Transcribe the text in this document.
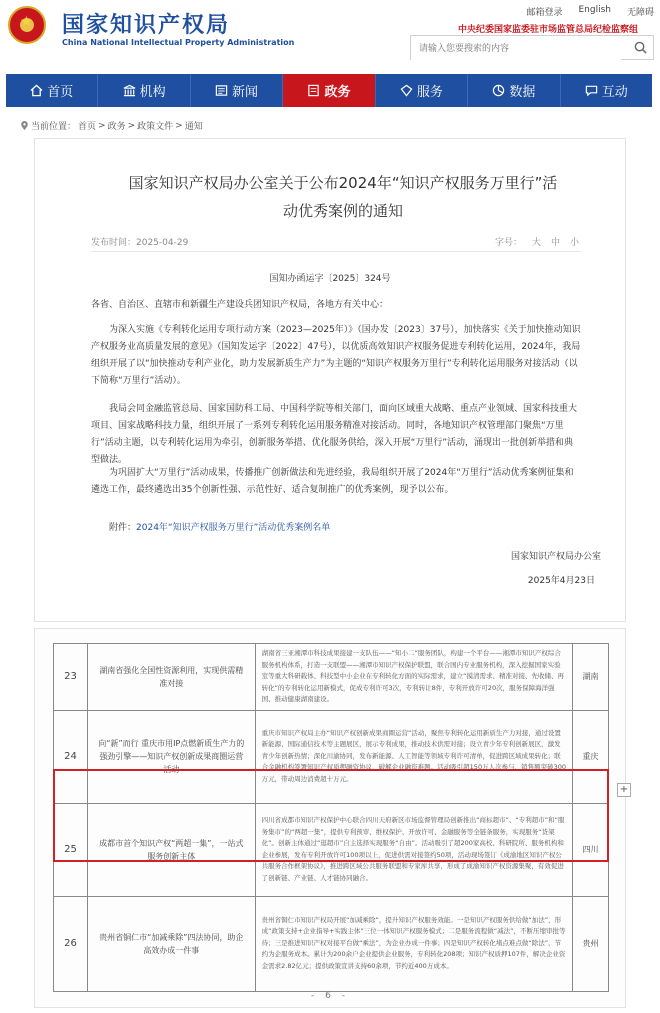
★
国家知识产权局
China National Intellectual Property Administration
邮箱登录 English 无障碍
中央纪委国家监委驻市场监管总局纪检监察组
请输入您要搜索的内容
首页	机构	新闻	政务	服务	数据	互动
当前位置： 首页 > 政务 > 政策文件 > 通知
国家知识产权局办公室关于公布2024年“知识产权服务万里行”活动优秀案例的通知
发布时间：2025-04-29	字号： 大 中 小
国知办函运字〔2025〕324号
各省、自治区、直辖市和新疆生产建设兵团知识产权局，各地方有关中心：
为深入实施《专利转化运用专项行动方案（2023—2025年）》（国办发〔2023〕37号），加快落实《关于加快推动知识产权服务业高质量发展的意见》（国知发运字〔2022〕47号），以优质高效知识产权服务促进专利转化运用，2024年，我局组织开展了以“加快推动专利产业化，助力发展新质生产力”为主题的“知识产权服务万里行”专利转化运用服务对接活动（以下简称“万里行”活动）。
我局会同金融监管总局、国家国防科工局、中国科学院等相关部门，面向区域重大战略、重点产业领域、国家科技重大项目、国家战略科技力量，组织开展了一系列专利转化运用服务精准对接活动。同时，各地知识产权管理部门聚焦“万里行”活动主题，以专利转化运用为牵引，创新服务举措、优化服务供给，深入开展“万里行”活动，涌现出一批创新举措和典型做法。
为巩固扩大“万里行”活动成果，传播推广创新做法和先进经验，我局组织开展了2024年“万里行”活动优秀案例征集和遴选工作，最终遴选出35个创新性强、示范性好、适合复制推广的优秀案例，现予以公布。
附件：2024年“知识产权服务万里行”活动优秀案例名单
国家知识产权局办公室
2025年4月23日
23	湖南省强化全国性资源利用，实现供需精准对接	湖南省三亚湘潭市科技成果接建一支队伍——“知小二”服务团队，构建一个平台——湘潭市知识产权综合服务机构体系，打造一支联盟——湘潭市知识产权保护联盟，联合国内专业服务机构，深入挖掘国家实验室等重大科研载体、科技型中小企业在专利转化方面的实际需求，建立“摸清需求、精准对接、先收储、再转化”的专利转化运用新模式，促成专利许可3次，专利转让8件，专利开放许可20次，服务保障海洋强国、推动健康湖南建设。	湖南
24	向“新”而行 重庆市用IP点燃新质生产力的强劲引擎——知识产权创新成果商圈运营活动	重庆市知识产权局主办“知识产权创新成果商圈运营”活动，聚焦专利转化运用新质生产力对接，通过设置新能源、国际通信技术等主题展区，展示专利成果，推动技术供需对接；设立青少年专利创新展区，激发青少年创新热情；深化川渝协同，发布新能源、人工智能等领域专利许可清单，促进跨区域成果转化；联合金融机构签署知识产权质押融资协议，破解企业融资难题。活动吸引超150万人次参与，销售额突破300万元，带动周边消费超十万元。	重庆
25	成都市首个知识产权“两超一集”，一站式服务创新主体	四川省成都市知识产权保护中心联合四川天府新区市场监督管理局创新推出“商标超市”、“专利超市”和“服务集市”的“两超一集”，提供专利预审、维权保护、开放许可、金融服务等全链条服务，实现服务“货架化”。创新主体通过“逛超市”自主选择实现服务“自由”。活动吸引了超200家高校、科研院所、服务机构和企业参展，发布专利开放许可100项以上，促进供需对接签约50项，活动现场签订《成渝地区知识产权公共服务合作框架协议》，推进跨区域公共服务联盟和专家库共享，形成了成渝知识产权资源集聚，有效促进了创新链、产业链、人才链协同融合。	四川
26	贵州省铜仁市“加减乘除”四法协同，助企高效办成一件事	贵州省铜仁市知识产权局开展“加减乘除”，提升知识产权服务效能。一是知识产权服务供给做“加法”，形成“政策支持+企业指导+实践主体”三位一体知识产权服务模式；二是服务流程做“减法”，不断压缩审批等待；三是推进知识产权对接平台做“乘法”，为企业办成一件事；四是知识产权转化堵点难点做“除法”，节约为企服务成本。累计为200余户企业提供企业服务，专利转化208项；知识产权质押107件，解决企业资金需求2.82亿元；提供政策宣讲支持60余项，节约近400万成本。	贵州
+
- 6 -
